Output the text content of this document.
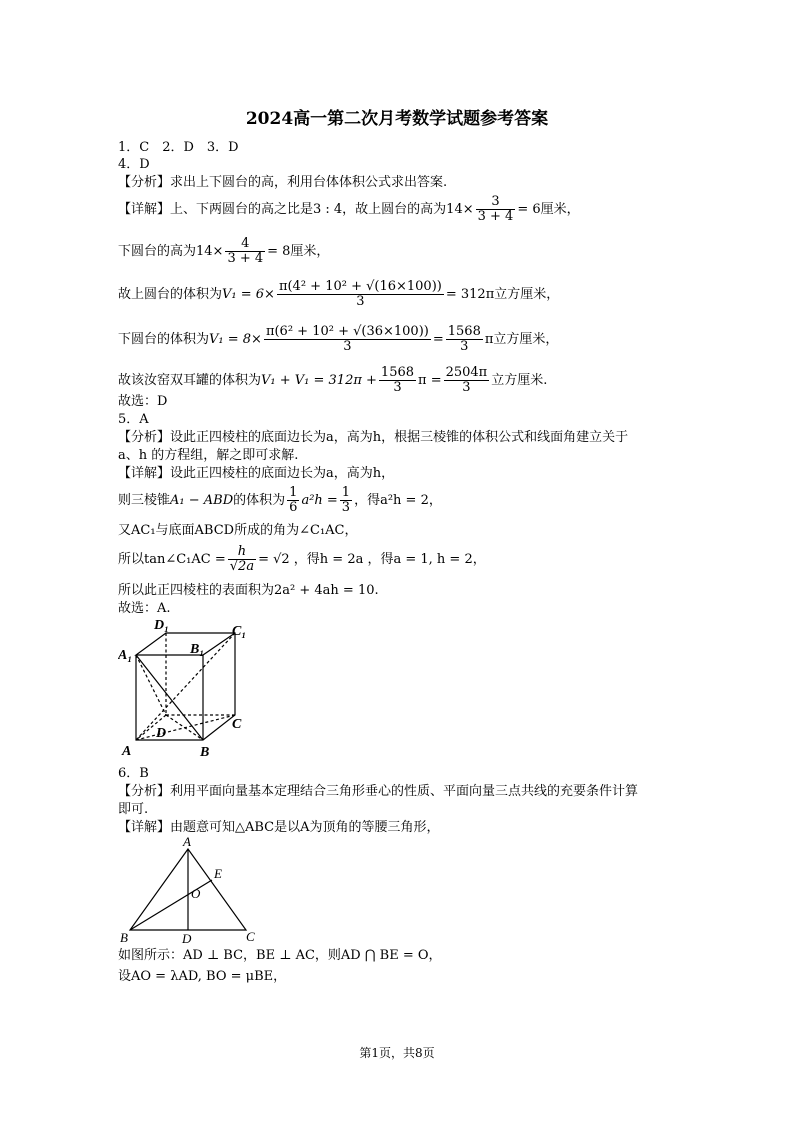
2024高一第二次月考数学试题参考答案
1．C　2．D　3．D
4．D
【分析】求出上下圆台的高，利用台体体积公式求出答案.
【详解】上、下两圆台的高之比是3 : 4，故上圆台的高为$14\times \frac{3}{3 + 4} = 6$厘米，
下圆台的高为$14\times \frac{4}{3 + 4} = 8$厘米，
故上圆台的体积为$V_1 = 6\times \frac{\text{π(4² + 10² + √(16×100))}}{3} = 312\pi$立方厘米，
下圆台的体积为$V_1 = 8\times \frac{\text{π(6² + 10² + √(36×100))}}{3} = \frac{1568}{3}$ π立方厘米，
故该汝窑双耳罐的体积为$V_1 + V_1 = 312\pi + \frac{1568}{3}$ $\pi = \frac{2504\pi}{3}$ 立方厘米.
故选：D
5．A
【分析】设此正四棱柱的底面边长为a，高为h，根据三棱锥的体积公式和线面角建立关于
a、h 的方程组，解之即可求解.
【详解】设此正四棱柱的底面边长为a，高为h，
则三棱锥A₁ − ABD的体积为 $\frac{1}{6} a^2h = \frac{1}{3}$ ，得a²h = 2，
又AC₁与底面ABCD所成的角为∠C₁AC，
所以tan∠C₁AC = $\frac{h}{√2a} = √2$ ，得h = 2a ，得a = 1, h = 2，
所以此正四棱柱的表面积为2a² + 4ah = 10.
故选：A.
D₁	C₁
A₁	B₁
D
C
A	B
6．B
【分析】利用平面向量基本定理结合三角形垂心的性质、平面向量三点共线的充要条件计算
即可.
【详解】由题意可知△ABC是以A为顶角的等腰三角形，
A
E
O
B	D	C
如图所示：AD ⊥ BC，BE ⊥ AC，则AD ⋂ BE = O，
设AO = λAD, BO = μBE，
第1页，共8页
